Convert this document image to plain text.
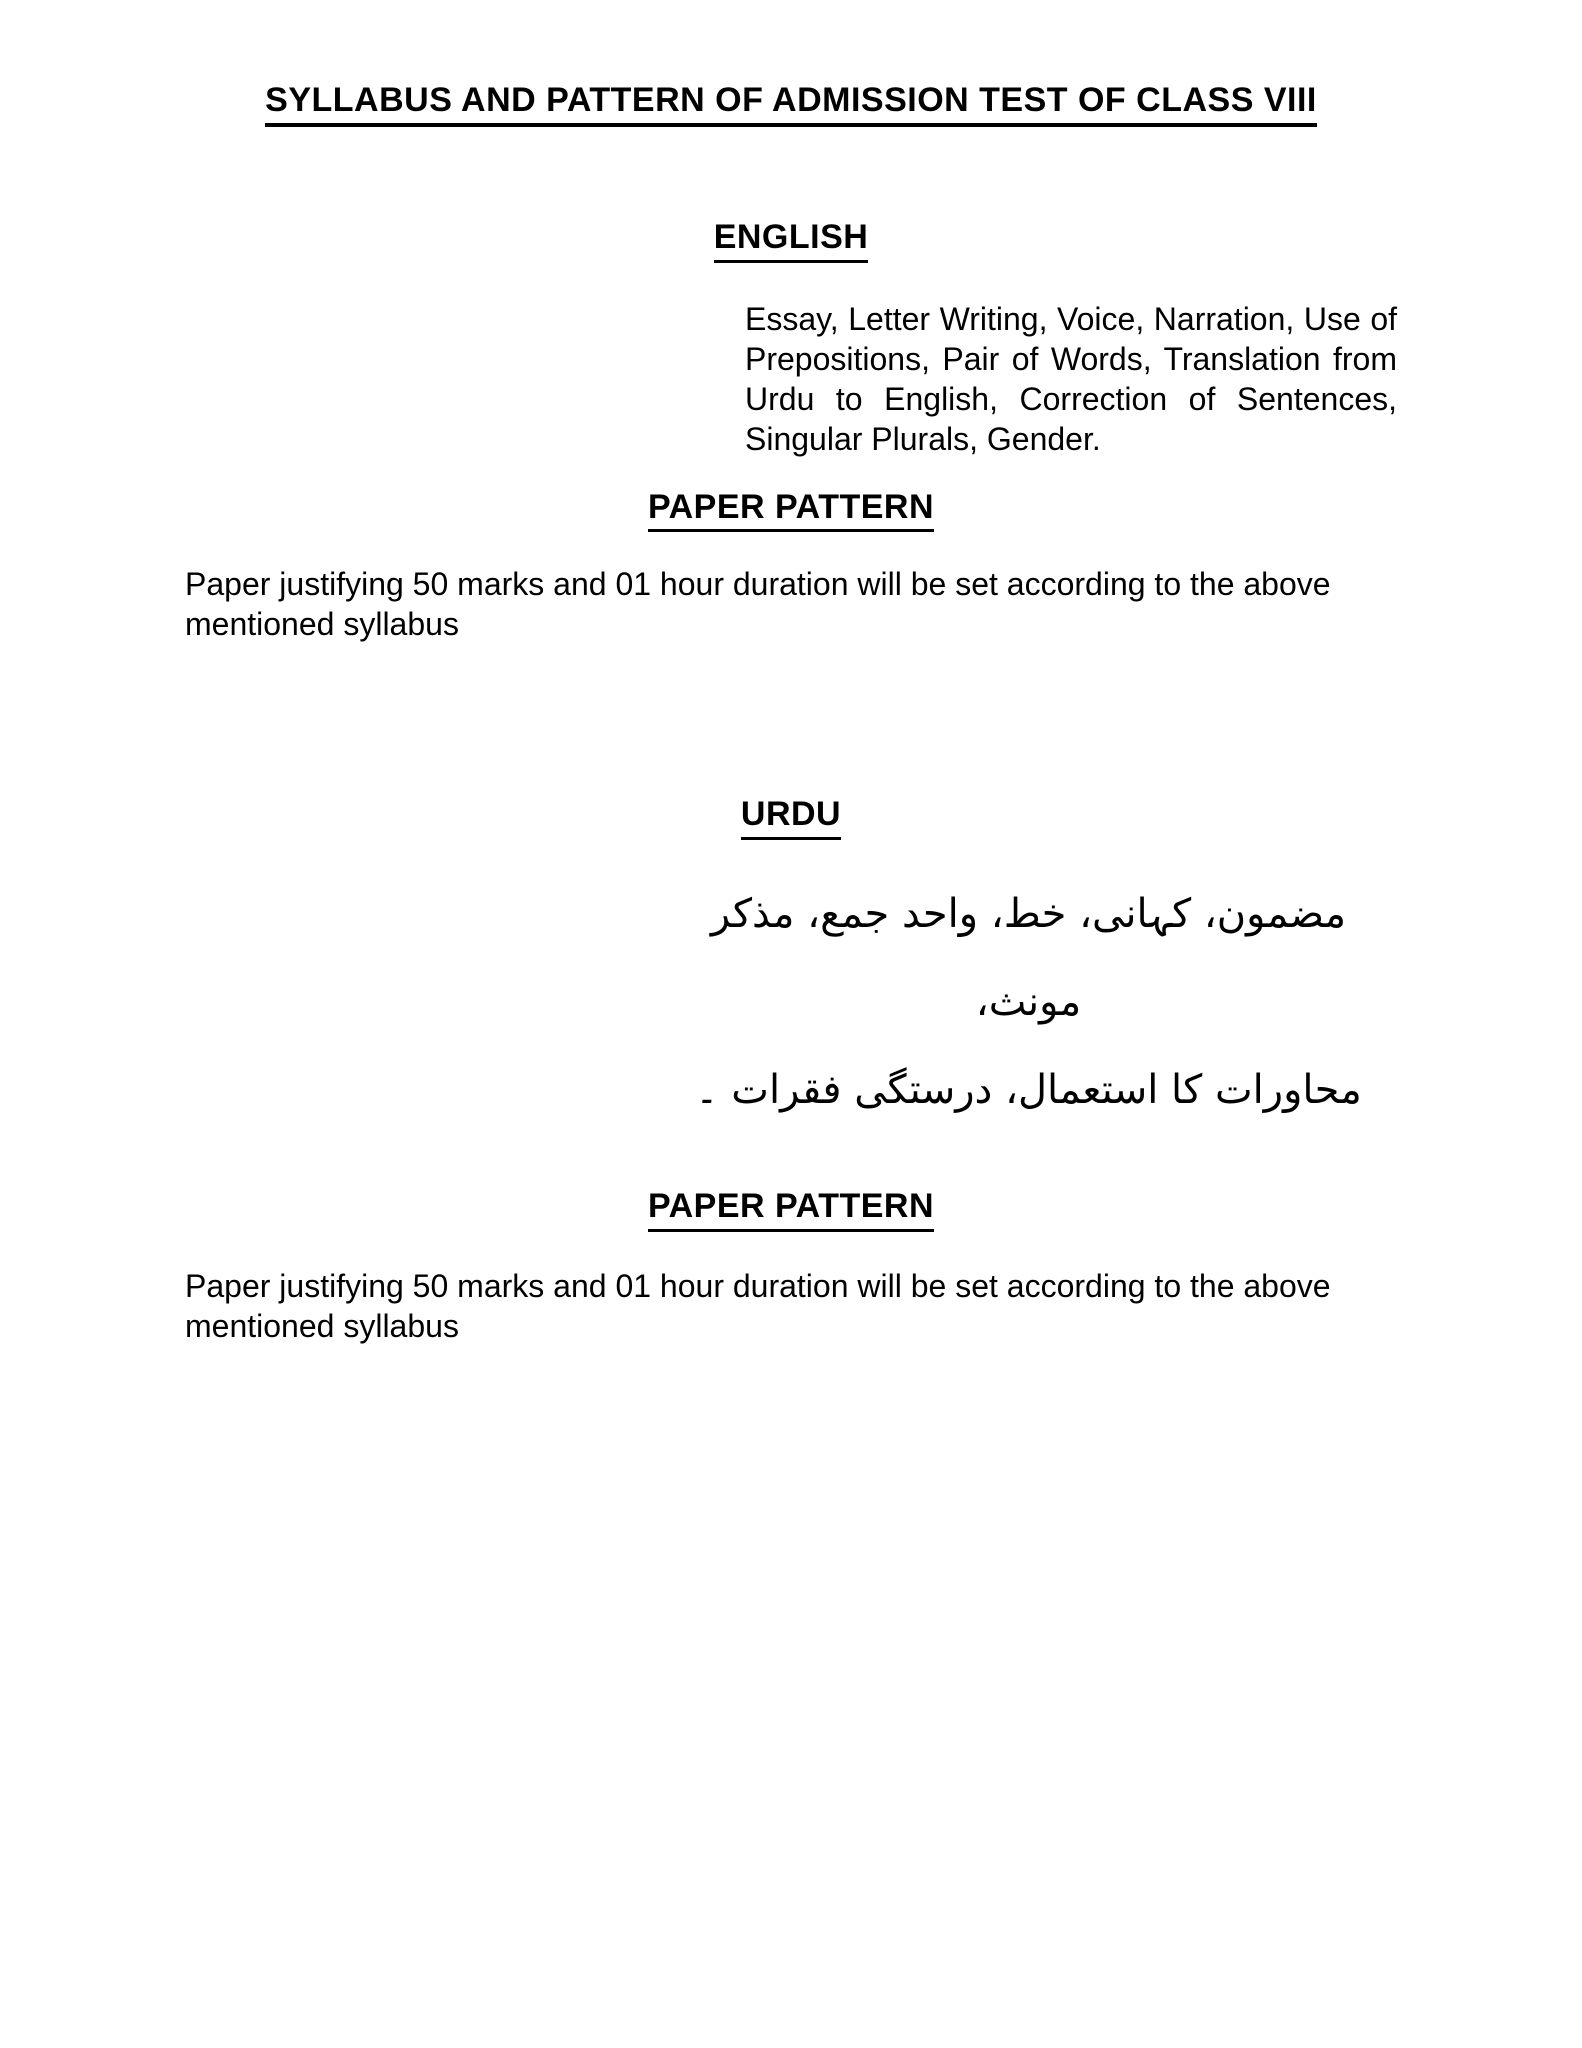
SYLLABUS AND PATTERN OF ADMISSION TEST OF CLASS VIII
ENGLISH

Essay, Letter Writing, Voice, Narration, Use of Prepositions, Pair of Words, Translation from Urdu to English, Correction of Sentences, Singular Plurals, Gender.

PAPER PATTERN

Paper justifying 50 marks and 01 hour duration will be set according to the above mentioned syllabus

URDU
مضمون، کہانی، خط، واحد جمع، مذکر مونث،
محاورات کا استعمال، درستگی فقرات ۔
PAPER PATTERN

Paper justifying 50 marks and 01 hour duration will be set according to the above mentioned syllabus
